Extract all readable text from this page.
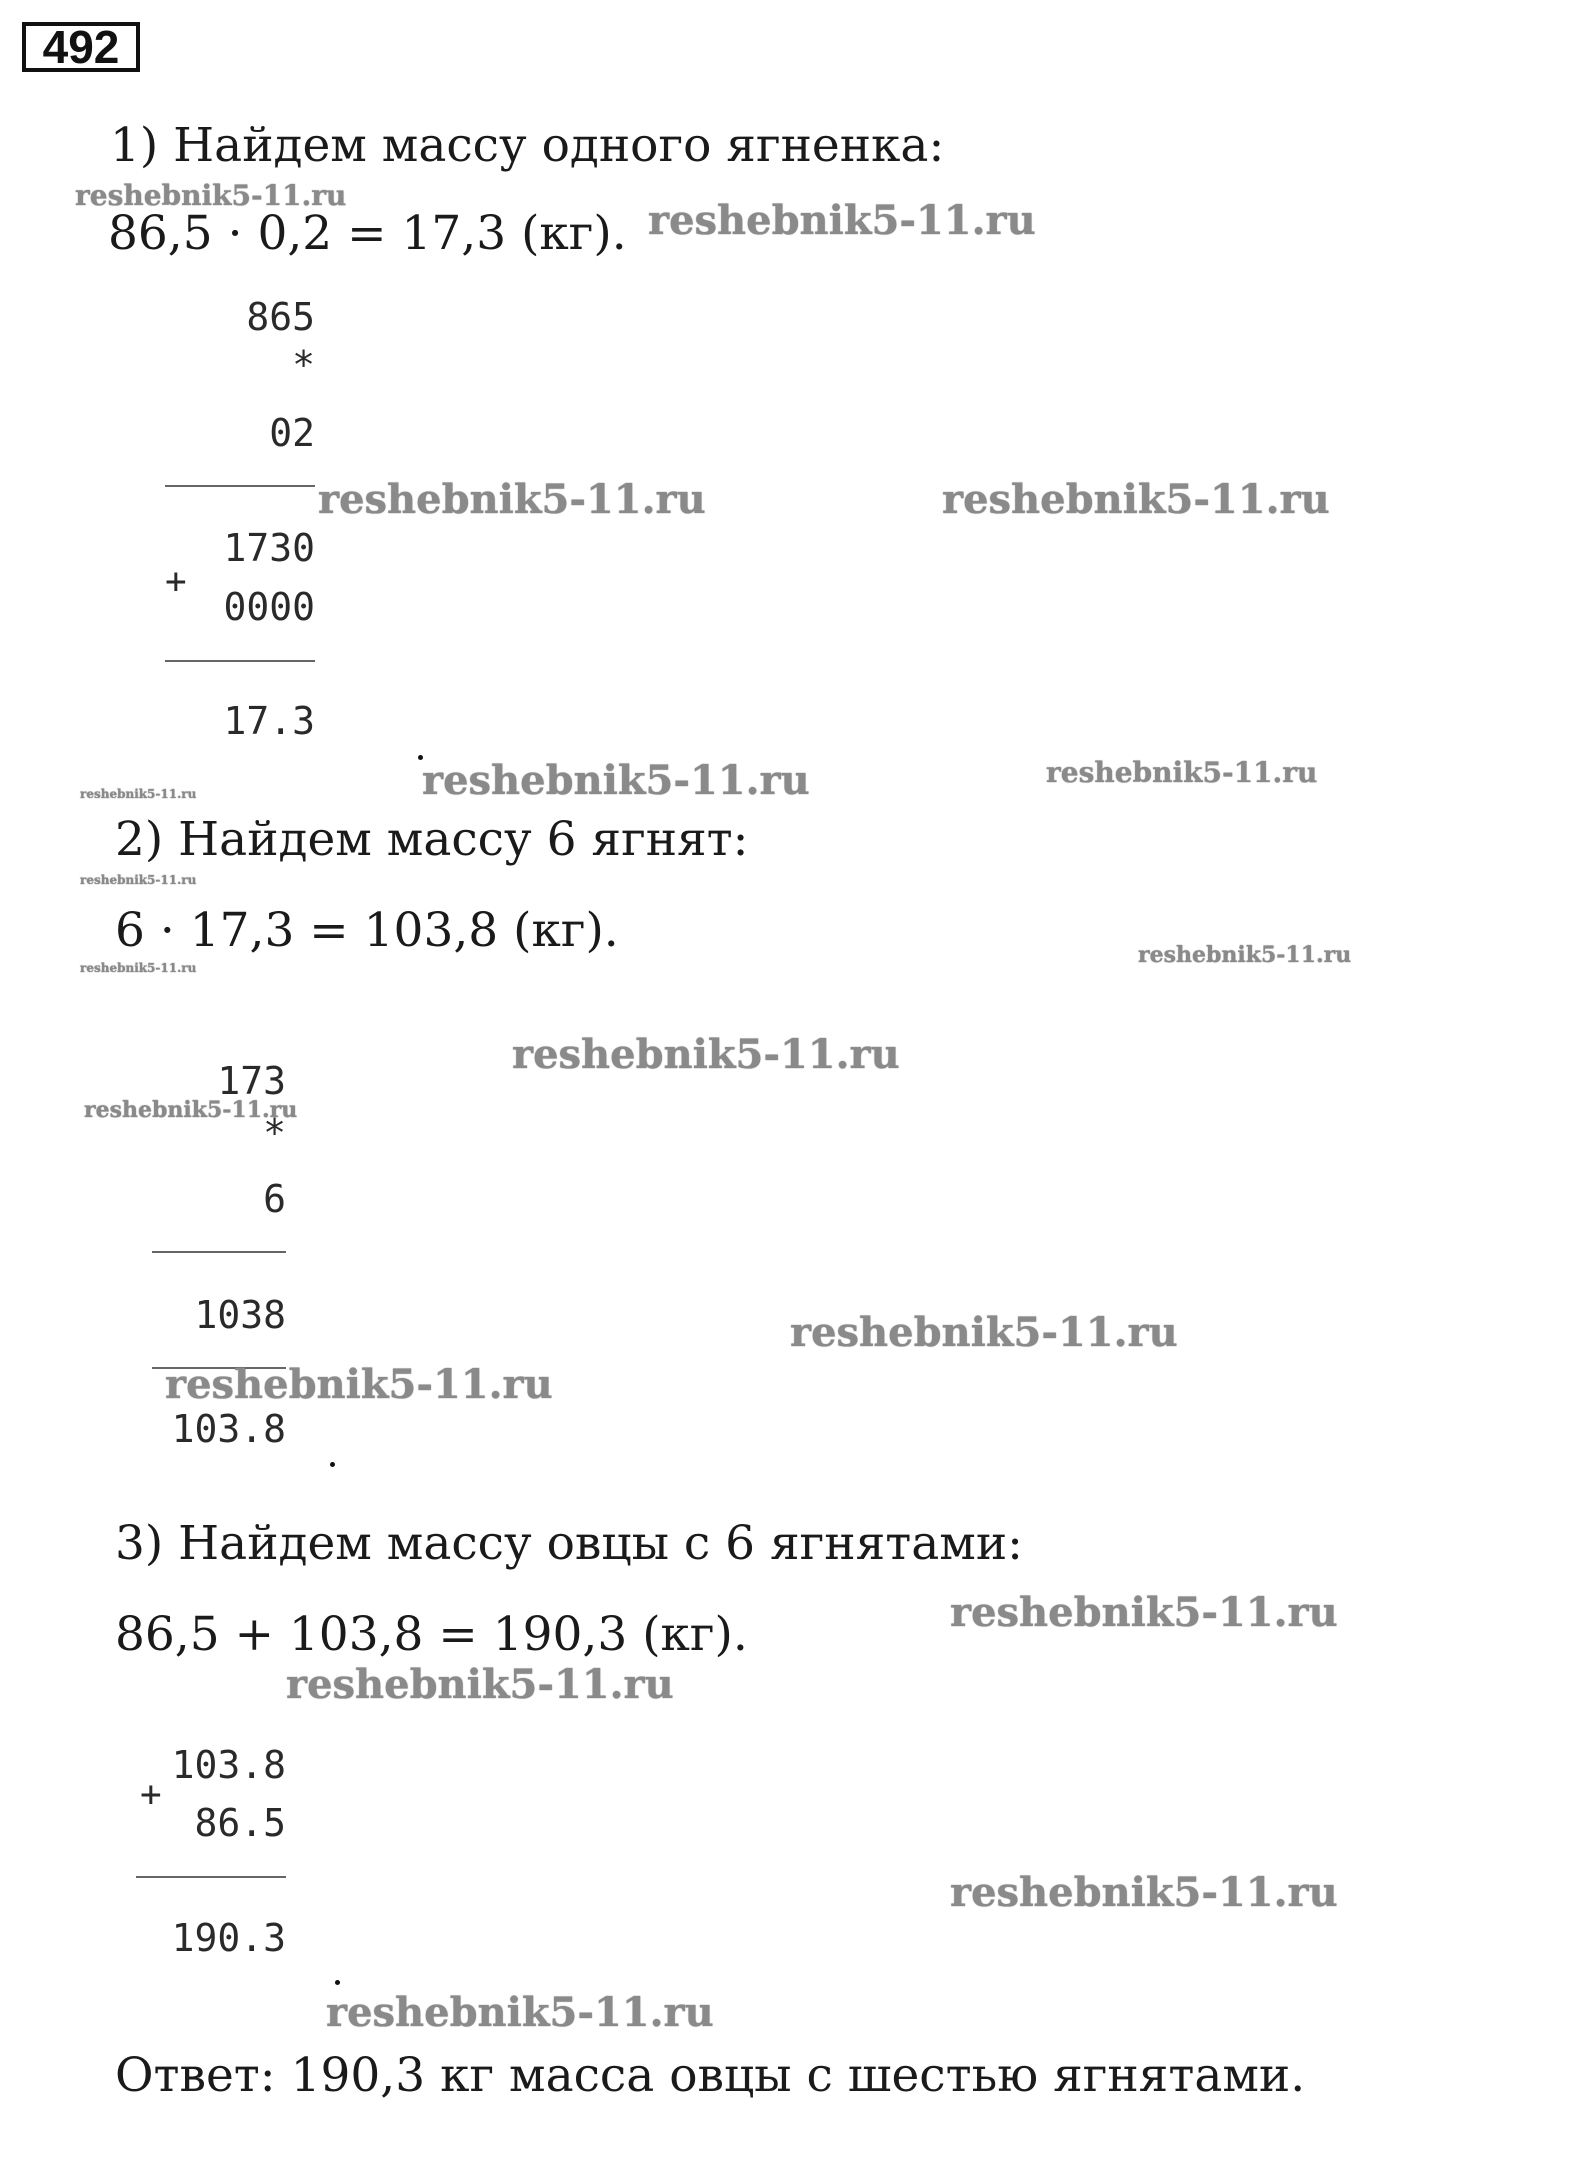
492
1) Найдем массу одного ягненка:
86,5 · 0,2 = 17,3 (кг).
865
*
02
1730
+
0000
17.3
2) Найдем массу 6 ягнят:
6 · 17,3 = 103,8 (кг).
173
*
6
1038
103.8
3) Найдем массу овцы с 6 ягнятами:
86,5 + 103,8 = 190,3 (кг).
103.8
+
86.5
190.3
Ответ: 190,3 кг масса овцы с шестью ягнятами.
reshebnik5-11.ru
reshebnik5-11.ru
reshebnik5-11.ru	reshebnik5-11.ru
reshebnik5-11.ru	reshebnik5-11.ru
reshebnik5-11.ru
reshebnik5-11.ru
reshebnik5-11.ru
reshebnik5-11.ru
reshebnik5-11.ru
reshebnik5-11.ru
reshebnik5-11.ru
reshebnik5-11.ru
reshebnik5-11.ru
reshebnik5-11.ru
reshebnik5-11.ru
reshebnik5-11.ru
